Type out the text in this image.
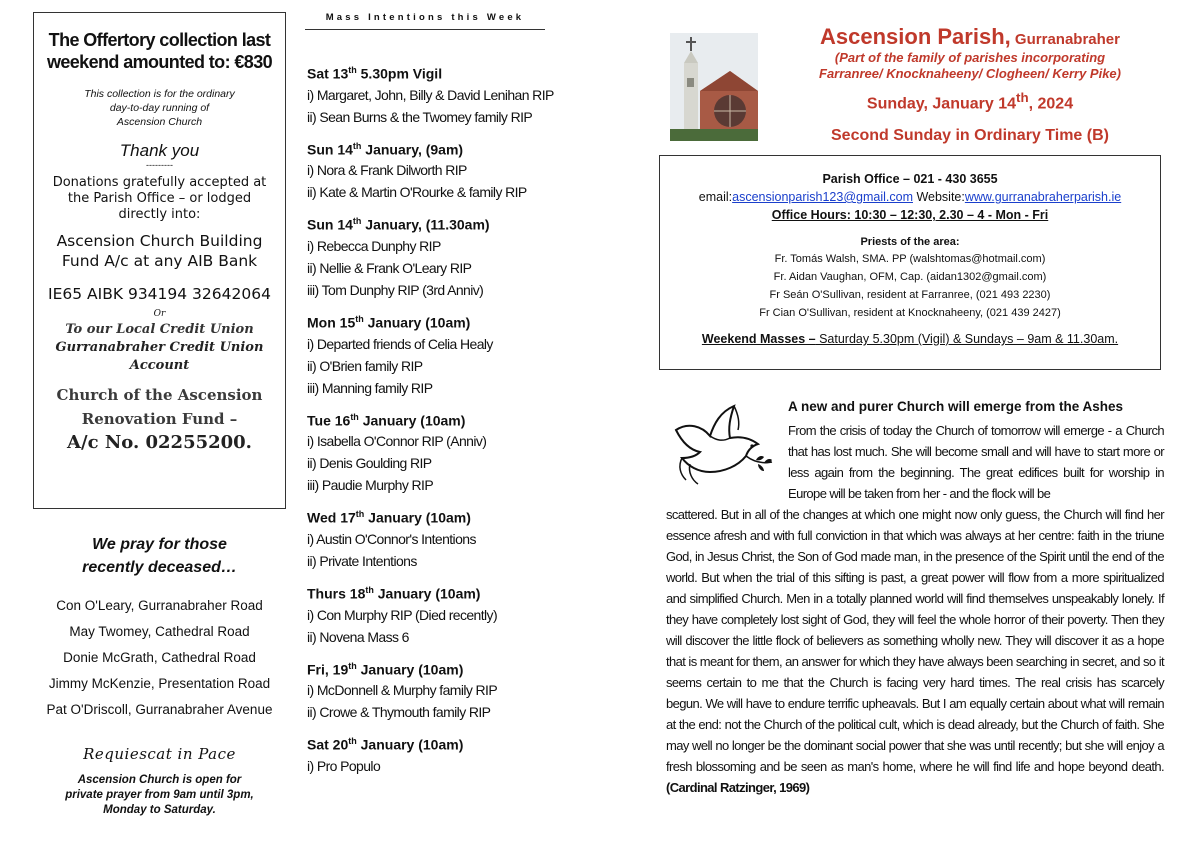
The Offertory collection last
weekend amounted to: €830
This collection is for the ordinary
day-to-day running of
Ascension Church
Thank you
---------
Donations gratefully accepted at
the Parish Office – or lodged
directly into:
Ascension Church Building
Fund A/c at any AIB Bank
IE65 AIBK 934194 32642064
Or
To our Local Credit Union
Gurranabraher Credit Union
Account
Church of the Ascension
Renovation Fund –
A/c No. 02255200.
We pray for those
recently deceased…
Con O'Leary, Gurranabraher Road
May Twomey, Cathedral Road
Donie McGrath, Cathedral Road
Jimmy McKenzie, Presentation Road
Pat O'Driscoll, Gurranabraher Avenue
Requiescat in Pace
Ascension Church is open for
private prayer from 9am until 3pm,
Monday to Saturday.
Mass Intentions this Week
Sat 13th 5.30pm Vigil
i) Margaret, John, Billy & David Lenihan RIP
ii) Sean Burns & the Twomey family RIP
Sun 14th January, (9am)
i) Nora & Frank Dilworth RIP
ii) Kate & Martin O'Rourke & family RIP
Sun 14th January, (11.30am)
i) Rebecca Dunphy RIP
ii) Nellie & Frank O'Leary RIP
iii) Tom Dunphy RIP (3rd Anniv)
Mon 15th January (10am)
i) Departed friends of Celia Healy
ii) O'Brien family RIP
iii) Manning family RIP
Tue 16th January (10am)
i) Isabella O'Connor RIP (Anniv)
ii) Denis Goulding RIP
iii) Paudie Murphy RIP
Wed 17th January (10am)
i) Austin O'Connor's Intentions
ii) Private Intentions
Thurs 18th January (10am)
i) Con Murphy RIP (Died recently)
ii) Novena Mass 6
Fri, 19th January (10am)
i) McDonnell & Murphy family RIP
ii) Crowe & Thymouth family RIP
Sat 20th January (10am)
i) Pro Populo
Ascension Parish, Gurranabraher
(Part of the family of parishes incorporating
Farranree/ Knocknaheeny/ Clogheen/ Kerry Pike)
Sunday, January 14th, 2024
Second Sunday in Ordinary Time (B)
Parish Office – 021 - 430 3655
email:ascensionparish123@gmail.com Website:www.gurranabraherparish.ie
Office Hours: 10:30 – 12:30, 2.30 – 4 - Mon - Fri
Priests of the area:
Fr. Tomás Walsh, SMA. PP (walshtomas@hotmail.com)
Fr. Aidan Vaughan, OFM, Cap. (aidan1302@gmail.com)
Fr Seán O'Sullivan, resident at Farranree, (021 493 2230)
Fr Cian O'Sullivan, resident at Knocknaheeny, (021 439 2427)
Weekend Masses – Saturday 5.30pm (Vigil) & Sundays – 9am & 11.30am.
A new and purer Church will emerge from the Ashes
From the crisis of today the Church of tomorrow will emerge - a Church that has lost much. She will become small and will have to start more or less again from the beginning. The great edifices built for worship in Europe will be taken from her - and the flock will be
scattered. But in all of the changes at which one might now only guess, the Church will find her essence afresh and with full conviction in that which was always at her centre: faith in the triune God, in Jesus Christ, the Son of God made man, in the presence of the Spirit until the end of the world. But when the trial of this sifting is past, a great power will flow from a more spiritualized and simplified Church. Men in a totally planned world will find themselves unspeakably lonely. If they have completely lost sight of God, they will feel the whole horror of their poverty. Then they will discover the little flock of believers as something wholly new. They will discover it as a hope that is meant for them, an answer for which they have always been searching in secret, and so it seems certain to me that the Church is facing very hard times. The real crisis has scarcely begun. We will have to endure terrific upheavals. But I am equally certain about what will remain at the end: not the Church of the political cult, which is dead already, but the Church of faith. She may well no longer be the dominant social power that she was until recently; but she will enjoy a fresh blossoming and be seen as man's home, where he will find life and hope beyond death. (Cardinal Ratzinger, 1969)
